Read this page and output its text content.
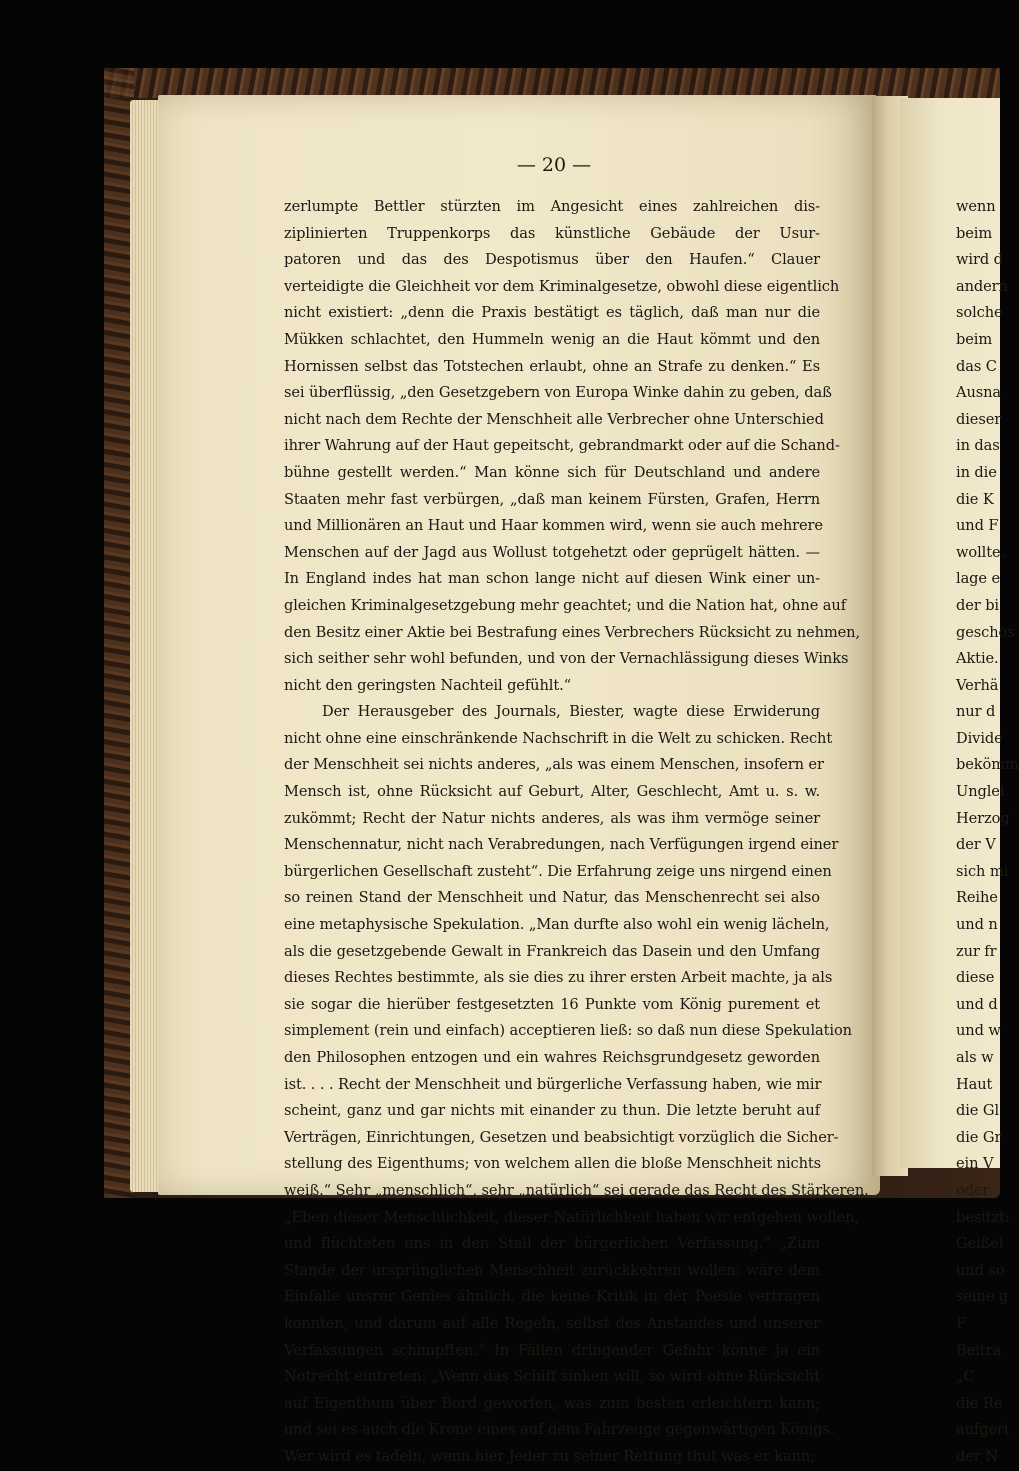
— 20 —
zerlumpte Bettler stürzten im Angesicht eines zahlreichen dis-
ziplinierten Truppenkorps das künstliche Gebäude der Usur-
patoren und das des Despotismus über den Haufen.“ Clauer
verteidigte die Gleichheit vor dem Kriminalgesetze, obwohl diese eigentlich
nicht existiert: „denn die Praxis bestätigt es täglich, daß man nur die
Mükken schlachtet, den Hummeln wenig an die Haut kömmt und den
Hornissen selbst das Totstechen erlaubt, ohne an Strafe zu denken.“ Es
sei überflüssig, „den Gesetzgebern von Europa Winke dahin zu geben, daß
nicht nach dem Rechte der Menschheit alle Verbrecher ohne Unterschied
ihrer Wahrung auf der Haut gepeitscht, gebrandmarkt oder auf die Schand-
bühne gestellt werden.“ Man könne sich für Deutschland und andere
Staaten mehr fast verbürgen, „daß man keinem Fürsten, Grafen, Herrn
und Millionären an Haut und Haar kommen wird, wenn sie auch mehrere
Menschen auf der Jagd aus Wollust totgehetzt oder geprügelt hätten. —
In England indes hat man schon lange nicht auf diesen Wink einer un-
gleichen Kriminalgesetzgebung mehr geachtet; und die Nation hat, ohne auf
den Besitz einer Aktie bei Bestrafung eines Verbrechers Rücksicht zu nehmen,
sich seither sehr wohl befunden, und von der Vernachlässigung dieses Winks
nicht den geringsten Nachteil gefühlt.“
Der Herausgeber des Journals, Biester, wagte diese Erwiderung
nicht ohne eine einschränkende Nachschrift in die Welt zu schicken. Recht
der Menschheit sei nichts anderes, „als was einem Menschen, insofern er
Mensch ist, ohne Rücksicht auf Geburt, Alter, Geschlecht, Amt u. s. w.
zukömmt; Recht der Natur nichts anderes, als was ihm vermöge seiner
Menschennatur, nicht nach Verabredungen, nach Verfügungen irgend einer
bürgerlichen Gesellschaft zusteht“. Die Erfahrung zeige uns nirgend einen
so reinen Stand der Menschheit und Natur, das Menschenrecht sei also
eine metaphysische Spekulation. „Man durfte also wohl ein wenig lächeln,
als die gesetzgebende Gewalt in Frankreich das Dasein und den Umfang
dieses Rechtes bestimmte, als sie dies zu ihrer ersten Arbeit machte, ja als
sie sogar die hierüber festgesetzten 16 Punkte vom König purement et
simplement (rein und einfach) acceptieren ließ: so daß nun diese Spekulation
den Philosophen entzogen und ein wahres Reichsgrundgesetz geworden
ist. . . . Recht der Menschheit und bürgerliche Verfassung haben, wie mir
scheint, ganz und gar nichts mit einander zu thun. Die letzte beruht auf
Verträgen, Einrichtungen, Gesetzen und beabsichtigt vorzüglich die Sicher-
stellung des Eigenthums; von welchem allen die bloße Menschheit nichts
weiß.“ Sehr „menschlich“, sehr „natürlich“ sei gerade das Recht des Stärkeren.
„Eben dieser Menschlichkeit, dieser Natürlichkeit haben wir entgehen wollen,
und flüchteten uns in den Stall der bürgerlichen Verfassung.“ „Zum
Stande der ursprünglichen Menschheit zurückkehren wollen: wäre dem
Einfalle unsrer Genies ähnlich, die keine Kritik in der Poesie vertragen
konnten, und darum auf alle Regeln, selbst des Anstandes und unserer
Verfassungen schimpften.“ In Fällen dringender Gefahr könne ja ein
Notrecht eintreten: „Wenn das Schiff sinken will, so wird ohne Rücksicht
auf Eigenthum über Bord geworfen, was zum besten erleichtern kann;
und sei es auch die Krone eines auf dem Fahrzeuge gegenwärtigen Königs.
Wer wird es tadeln, wenn hier Jeder zu seiner Rettung thut was er kann;
wenn
beim
wird d
andern
solche
beim
das C
Ausna
dieser
in das
in die
die K
und F
wollte.
lage e
der bi
geschos
Aktie.
Verhä
nur d
Divide
bekömm
Unglei
Herzog
der V
sich mi
Reihe
und n
zur fr
diese
und d
und w
als w
Haut
die Gl
die Gr
ein V
oder
besitzt:
Geißel
und so
seine g
F
Beitra
„C
die Re
aufgeri
der N
